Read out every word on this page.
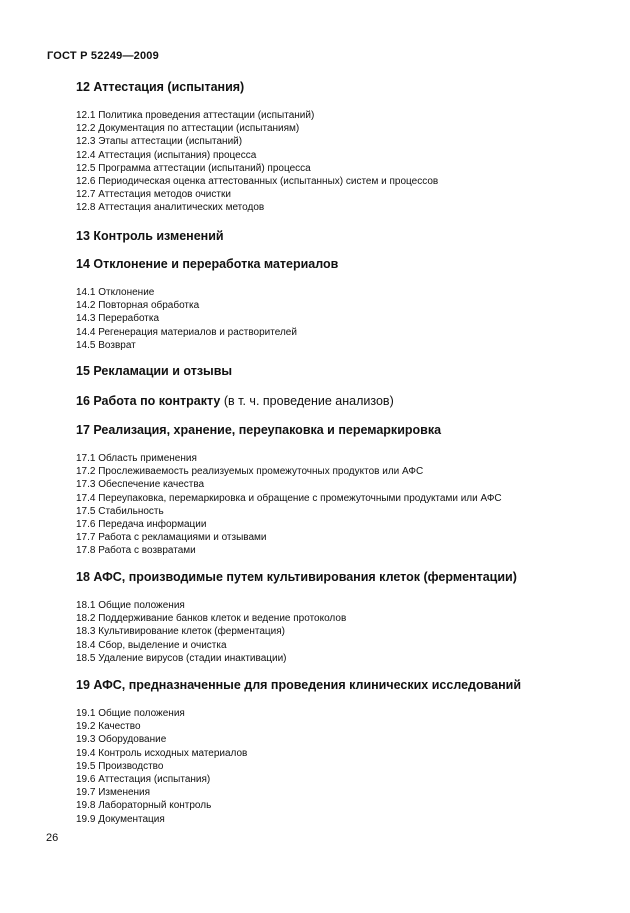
ГОСТ Р 52249—2009

12 Аттестация (испытания)

12.1 Политика проведения аттестации (испытаний)
12.2 Документация по аттестации (испытаниям)
12.3 Этапы аттестации (испытаний)
12.4 Аттестация (испытания) процесса
12.5 Программа аттестации (испытаний) процесса
12.6 Периодическая оценка аттестованных (испытанных) систем и процессов
12.7 Аттестация методов очистки
12.8 Аттестация аналитических методов

13 Контроль изменений

14 Отклонение и переработка материалов

14.1 Отклонение
14.2 Повторная обработка
14.3 Переработка
14.4 Регенерация материалов и растворителей
14.5 Возврат

15 Рекламации и отзывы

16 Работа по контракту (в т. ч. проведение анализов)

17 Реализация, хранение, переупаковка и перемаркировка

17.1 Область применения
17.2 Прослеживаемость реализуемых промежуточных продуктов или АФС
17.3 Обеспечение качества
17.4 Переупаковка, перемаркировка и обращение с промежуточными продуктами или АФС
17.5 Стабильность
17.6 Передача информации
17.7 Работа с рекламациями и отзывами
17.8 Работа с возвратами

18 АФС, производимые путем культивирования клеток (ферментации)

18.1 Общие положения
18.2 Поддерживание банков клеток и ведение протоколов
18.3 Культивирование клеток (ферментация)
18.4 Сбор, выделение и очистка
18.5 Удаление вирусов (стадии инактивации)

19 АФС, предназначенные для проведения клинических исследований

19.1 Общие положения
19.2 Качество
19.3 Оборудование
19.4 Контроль исходных материалов
19.5 Производство
19.6 Аттестация (испытания)
19.7 Изменения
19.8 Лабораторный контроль
19.9 Документация
26
